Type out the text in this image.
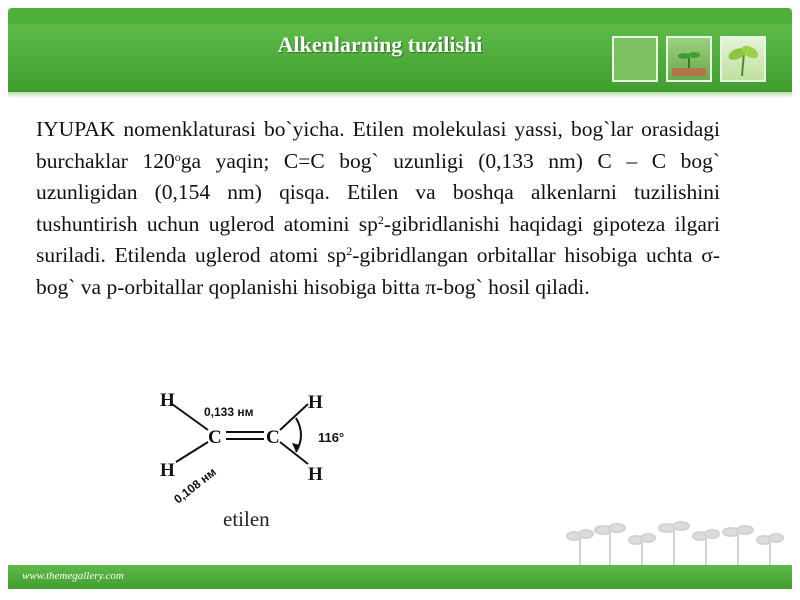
Alkenlarning tuzilishi

IYUPAK nomenklaturasi bo`yicha. Etilen molekulasi yassi, bog`lar orasidagi burchaklar 120$^o$ga yaqin; C=C bog` uzunligi (0,133 nm) C – C bog` uzunligidan (0,154 nm) qisqa. Etilen va boshqa alkenlarni tuzilishini tushuntirish uchun uglerod atomini $sp^2$-gibridlanishi haqidagi gipoteza ilgari suriladi. Etilenda uglerod atomi $sp^2$-gibridlangan orbitallar hisobiga uchta σ-bog` va p-orbitallar qoplanishi hisobiga bitta π-bog` hosil qiladi.

H
H
C C
H
H
0,133 нм
116°
0,108 нм
etilen
www.themegallery.com
